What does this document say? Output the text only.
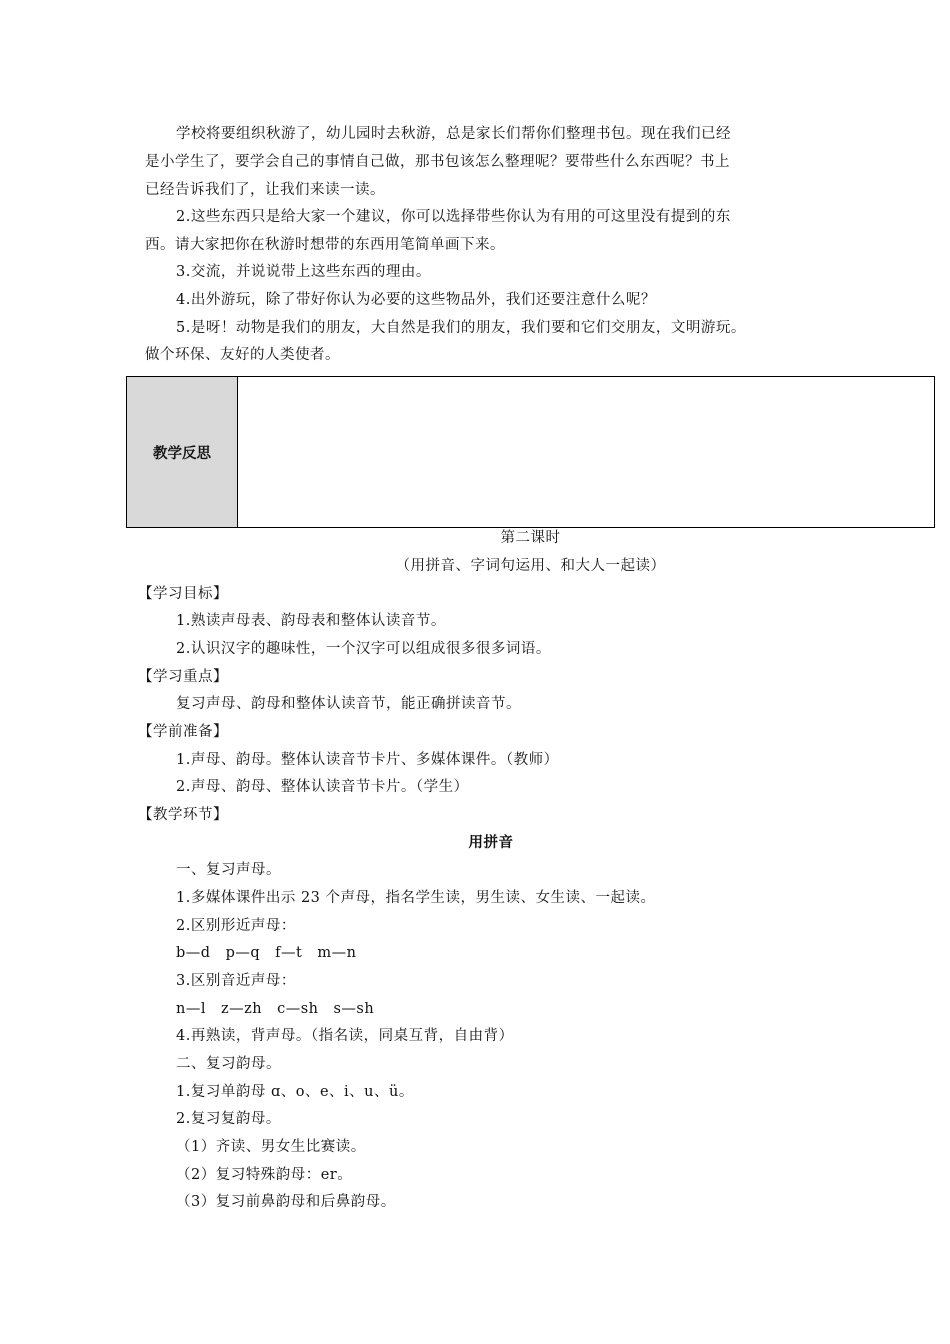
学校将要组织秋游了，幼儿园时去秋游，总是家长们帮你们整理书包。现在我们已经
是小学生了，要学会自己的事情自己做，那书包该怎么整理呢？要带些什么东西呢？书上
已经告诉我们了，让我们来读一读。
2.这些东西只是给大家一个建议，你可以选择带些你认为有用的可这里没有提到的东
西。请大家把你在秋游时想带的东西用笔简单画下来。
3.交流，并说说带上这些东西的理由。
4.出外游玩，除了带好你认为必要的这些物品外，我们还要注意什么呢？
5.是呀！动物是我们的朋友，大自然是我们的朋友，我们要和它们交朋友，文明游玩。
做个环保、友好的人类使者。
教学反思
第二课时
（用拼音、字词句运用、和大人一起读）
【学习目标】
1.熟读声母表、韵母表和整体认读音节。
2.认识汉字的趣味性，一个汉字可以组成很多很多词语。
【学习重点】
复习声母、韵母和整体认读音节，能正确拼读音节。
【学前准备】
1.声母、韵母。整体认读音节卡片、多媒体课件。（教师）
2.声母、韵母、整体认读音节卡片。（学生）
【教学环节】
用拼音
一、复习声母。
1.多媒体课件出示 23 个声母，指名学生读，男生读、女生读、一起读。
2.区别形近声母：
b—d　p—q　f—t　m—n
3.区别音近声母：
n—l　z—zh　c—sh　s—sh
4.再熟读，背声母。（指名读，同桌互背，自由背）
二、复习韵母。
1.复习单韵母 ɑ、o、e、i、u、ü。
2.复习复韵母。
（1）齐读、男女生比赛读。
（2）复习特殊韵母：er。
（3）复习前鼻韵母和后鼻韵母。
